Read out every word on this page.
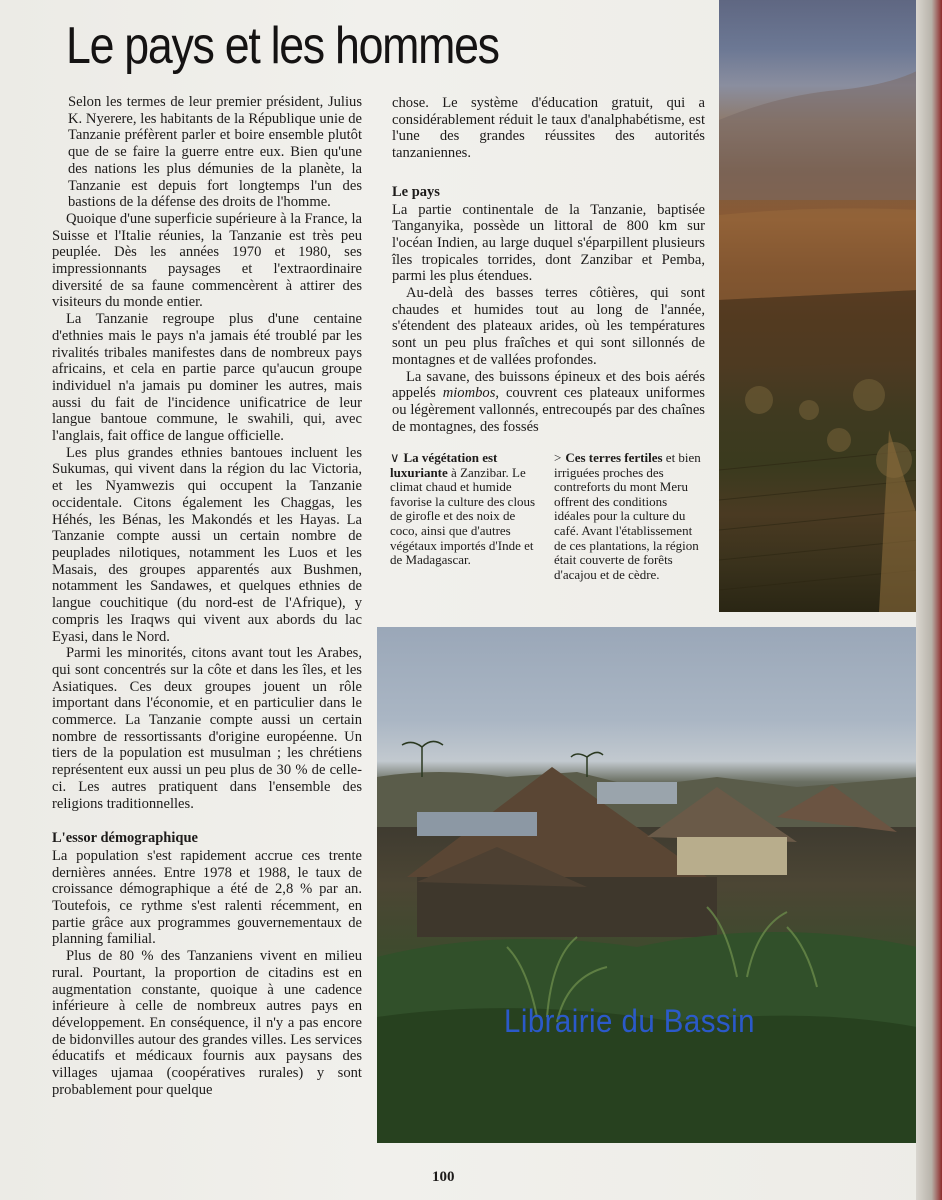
Le pays et les hommes

Selon les termes de leur premier président, Julius K. Nyerere, les habitants de la République unie de Tanzanie préfèrent parler et boire ensemble plutôt que de se faire la guerre entre eux. Bien qu'une des nations les plus démunies de la planète, la Tanzanie est depuis fort longtemps l'un des bastions de la défense des droits de l'homme.

Quoique d'une superficie supérieure à la France, la Suisse et l'Italie réunies, la Tanzanie est très peu peuplée. Dès les années 1970 et 1980, ses impressionnants paysages et l'extraordinaire diversité de sa faune commencèrent à attirer des visiteurs du monde entier.

La Tanzanie regroupe plus d'une centaine d'ethnies mais le pays n'a jamais été troublé par les rivalités tribales manifestes dans de nombreux pays africains, et cela en partie parce qu'aucun groupe individuel n'a jamais pu dominer les autres, mais aussi du fait de l'incidence unificatrice de leur langue bantoue commune, le swahili, qui, avec l'anglais, fait office de langue officielle.

Les plus grandes ethnies bantoues incluent les Sukumas, qui vivent dans la région du lac Victoria, et les Nyamwezis qui occupent la Tanzanie occidentale. Citons également les Chaggas, les Héhés, les Bénas, les Makondés et les Hayas. La Tanzanie compte aussi un certain nombre de peuplades nilotiques, notamment les Luos et les Masais, des groupes apparentés aux Bushmen, notamment les Sandawes, et quelques ethnies de langue couchitique (du nord-est de l'Afrique), y compris les Iraqws qui vivent aux abords du lac Eyasi, dans le Nord.

Parmi les minorités, citons avant tout les Arabes, qui sont concentrés sur la côte et dans les îles, et les Asiatiques. Ces deux groupes jouent un rôle important dans l'économie, et en particulier dans le commerce. La Tanzanie compte aussi un certain nombre de ressortissants d'origine européenne. Un tiers de la population est musulman ; les chrétiens représentent eux aussi un peu plus de 30 % de celle-ci. Les autres pratiquent dans l'ensemble des religions traditionnelles.

L'essor démographique

La population s'est rapidement accrue ces trente dernières années. Entre 1978 et 1988, le taux de croissance démographique a été de 2,8 % par an. Toutefois, ce rythme s'est ralenti récemment, en partie grâce aux programmes gouvernementaux de planning familial.

Plus de 80 % des Tanzaniens vivent en milieu rural. Pourtant, la proportion de citadins est en augmentation constante, quoique à une cadence inférieure à celle de nombreux autres pays en développement. En conséquence, il n'y a pas encore de bidonvilles autour des grandes villes. Les services éducatifs et médicaux fournis aux paysans des villages ujamaa (coopératives rurales) y sont probablement pour quelque

chose. Le système d'éducation gratuit, qui a considérablement réduit le taux d'analphabétisme, est l'une des grandes réussites des autorités tanzaniennes.

Le pays

La partie continentale de la Tanzanie, baptisée Tanganyika, possède un littoral de 800 km sur l'océan Indien, au large duquel s'éparpillent plusieurs îles tropicales torrides, dont Zanzibar et Pemba, parmi les plus étendues.

Au-delà des basses terres côtières, qui sont chaudes et humides tout au long de l'année, s'étendent des plateaux arides, où les températures sont un peu plus fraîches et qui sont sillonnés de montagnes et de vallées profondes.

La savane, des buissons épineux et des bois aérés appelés miombos, couvrent ces plateaux uniformes ou légèrement vallonnés, entrecoupés par des chaînes de montagnes, des fossés

∨ La végétation est luxuriante à Zanzibar. Le climat chaud et humide favorise la culture des clous de girofle et des noix de coco, ainsi que d'autres végétaux importés d'Inde et de Madagascar.
> Ces terres fertiles et bien irriguées proches des contreforts du mont Meru offrent des conditions idéales pour la culture du café. Avant l'établissement de ces plantations, la région était couverte de forêts d'acajou et de cèdre.
Librairie du Bassin

100
